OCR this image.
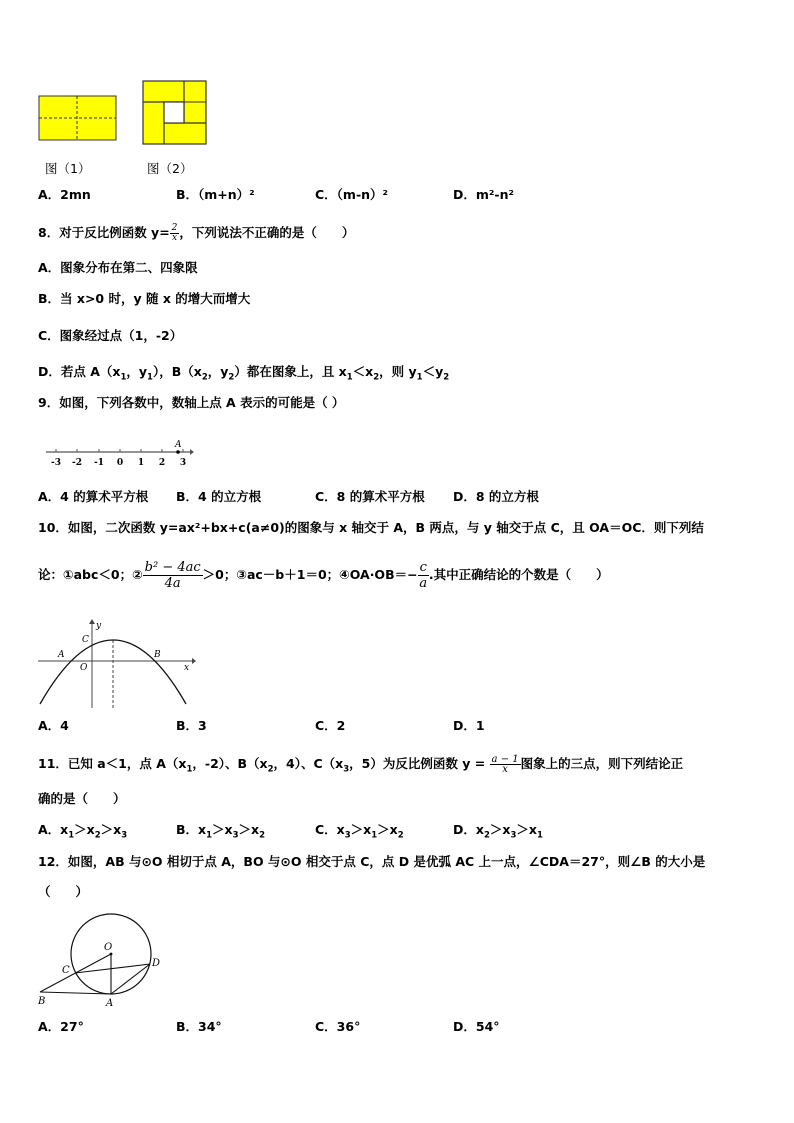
图（1）	图（2）
A．2mn	B．（m+n）²	C．（m-n）²	D．m²-n²
8．对于反比例函数 $y= \frac{2}{x}$ ，下列说法不正确的是（　　）
A．图象分布在第二、四象限
B．当 x>0 时，y 随 x 的增大而增大
C．图象经过点（1，-2）
D．若点 $A(x_1$，$y_1$），$B(x_2$，$y_2$）都在图象上，且 $x_1<x_2$，则 $y_1<y_2$
9．如图，下列各数中，数轴上点 A 表示的可能是（ ）
A
-3 -2 -1 0 1 2 3
A．4 的算术平方根 B．4 的立方根	C．8 的算术平方根 D．8 的立方根
10．如图，二次函数 y=ax²+bx+c(a≠0)的图象与 x 轴交于 A，B 两点，与 y 轴交于点 C，且 OA＝OC．则下列结
论：①abc＜0；② $\frac{\text{b² − 4ac}}{4a} >0$；③ac－b＋1＝0；④OA·OB＝− $\frac{c}{a}$ .其中正确结论的个数是（　　）
y
x
A	B
C
O
A．4	B．3	C．2	D．1
11．已知 a＜1，点 $A(x_1$，-2）、$B(x_2$，4）、$C(x_3$，5）为反比例函数 $y = \frac{a - 1}{x}$ 图象上的三点，则下列结论正
确的是（　　）
A．$x_1>x_2>x_3$	B．$x_1>x_3>x_2$	C．$x_3>x_1>x_2$	D．$x_2>x_3>x_1$
12．如图，AB 与⊙O 相切于点 A，BO 与⊙O 相交于点 C，点 D 是优弧 AC 上一点，∠CDA＝27°，则∠B 的大小是
（　　）
O
C
D
B	A
A．27°	B．34°	C．36°	D．54°
